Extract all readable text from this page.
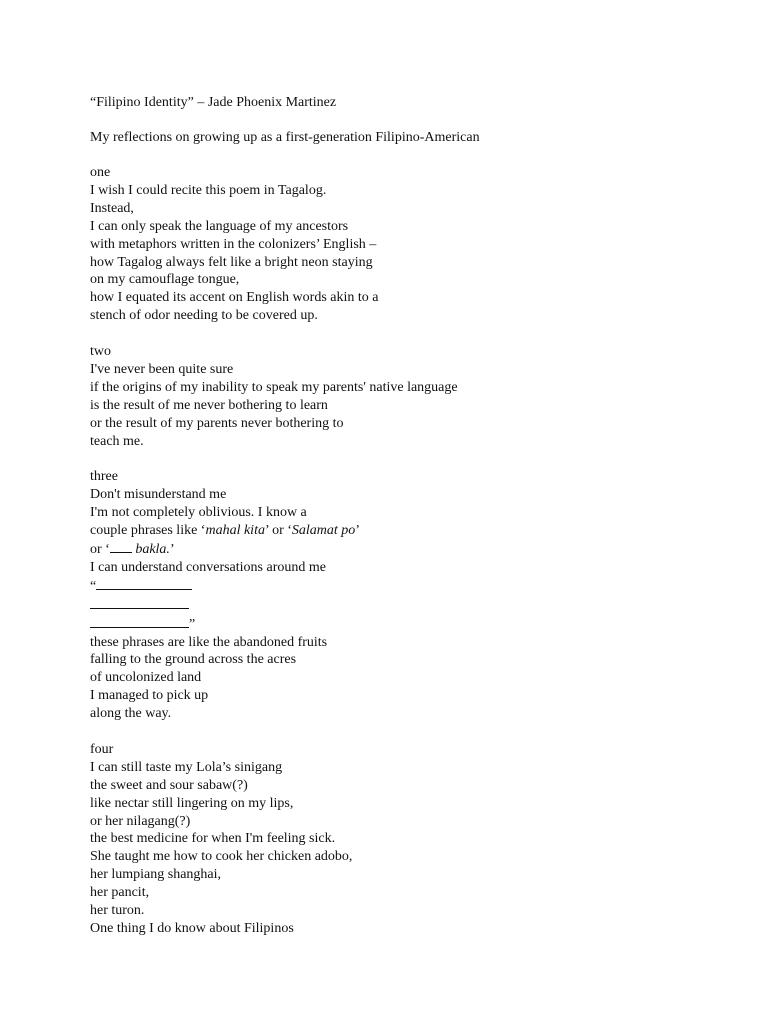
“Filipino Identity” – Jade Phoenix Martinez
My reflections on growing up as a first-generation Filipino-American
one
I wish I could recite this poem in Tagalog.
Instead,
I can only speak the language of my ancestors
with metaphors written in the colonizers’ English –
how Tagalog always felt like a bright neon staying
on my camouflage tongue,
how I equated its accent on English words akin to a
stench of odor needing to be covered up.
two
I've never been quite sure
if the origins of my inability to speak my parents' native language
is the result of me never bothering to learn
or the result of my parents never bothering to
teach me.
three
Don't misunderstand me
I'm not completely oblivious. I know a
couple phrases like ‘mahal kita’ or ‘Salamat po’
or ‘ bakla.’
I can understand conversations around me
“
”
these phrases are like the abandoned fruits
falling to the ground across the acres
of uncolonized land
I managed to pick up
along the way.
four
I can still taste my Lola’s sinigang
the sweet and sour sabaw(?)
like nectar still lingering on my lips,
or her nilagang(?)
the best medicine for when I'm feeling sick.
She taught me how to cook her chicken adobo,
her lumpiang shanghai,
her pancit,
her turon.
One thing I do know about Filipinos
